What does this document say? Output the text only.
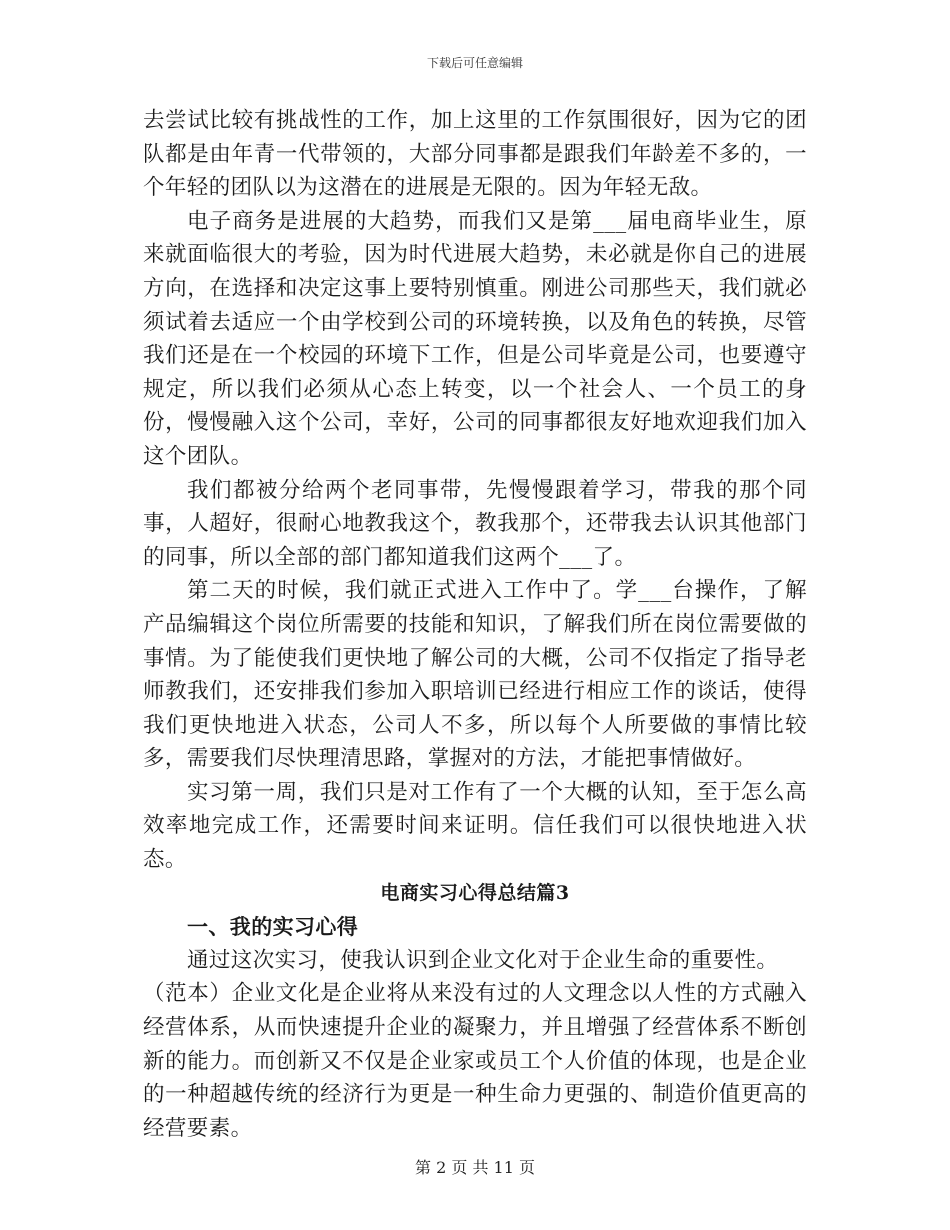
下载后可任意编辑

去尝试比较有挑战性的工作，加上这里的工作氛围很好，因为它的团队都是由年青一代带领的，大部分同事都是跟我们年龄差不多的，一个年轻的团队以为这潜在的进展是无限的。因为年轻无敌。

电子商务是进展的大趋势，而我们又是第___届电商毕业生，原来就面临很大的考验，因为时代进展大趋势，未必就是你自己的进展方向，在选择和决定这事上要特别慎重。刚进公司那些天，我们就必须试着去适应一个由学校到公司的环境转换，以及角色的转换，尽管我们还是在一个校园的环境下工作，但是公司毕竟是公司，也要遵守规定，所以我们必须从心态上转变，以一个社会人、一个员工的身份，慢慢融入这个公司，幸好，公司的同事都很友好地欢迎我们加入这个团队。

我们都被分给两个老同事带，先慢慢跟着学习，带我的那个同事，人超好，很耐心地教我这个，教我那个，还带我去认识其他部门的同事，所以全部的部门都知道我们这两个___了。

第二天的时候，我们就正式进入工作中了。学___台操作，了解产品编辑这个岗位所需要的技能和知识，了解我们所在岗位需要做的事情。为了能使我们更快地了解公司的大概，公司不仅指定了指导老师教我们，还安排我们参加入职培训已经进行相应工作的谈话，使得我们更快地进入状态，公司人不多，所以每个人所要做的事情比较多，需要我们尽快理清思路，掌握对的方法，才能把事情做好。

实习第一周，我们只是对工作有了一个大概的认知，至于怎么高效率地完成工作，还需要时间来证明。信任我们可以很快地进入状态。

电商实习心得总结篇3

一、我的实习心得

通过这次实习，使我认识到企业文化对于企业生命的重要性。

（范本）企业文化是企业将从来没有过的人文理念以人性的方式融入经营体系，从而快速提升企业的凝聚力，并且增强了经营体系不断创新的能力。而创新又不仅是企业家或员工个人价值的体现，也是企业的一种超越传统的经济行为更是一种生命力更强的、制造价值更高的经营要素。

第 2 页 共 11 页
